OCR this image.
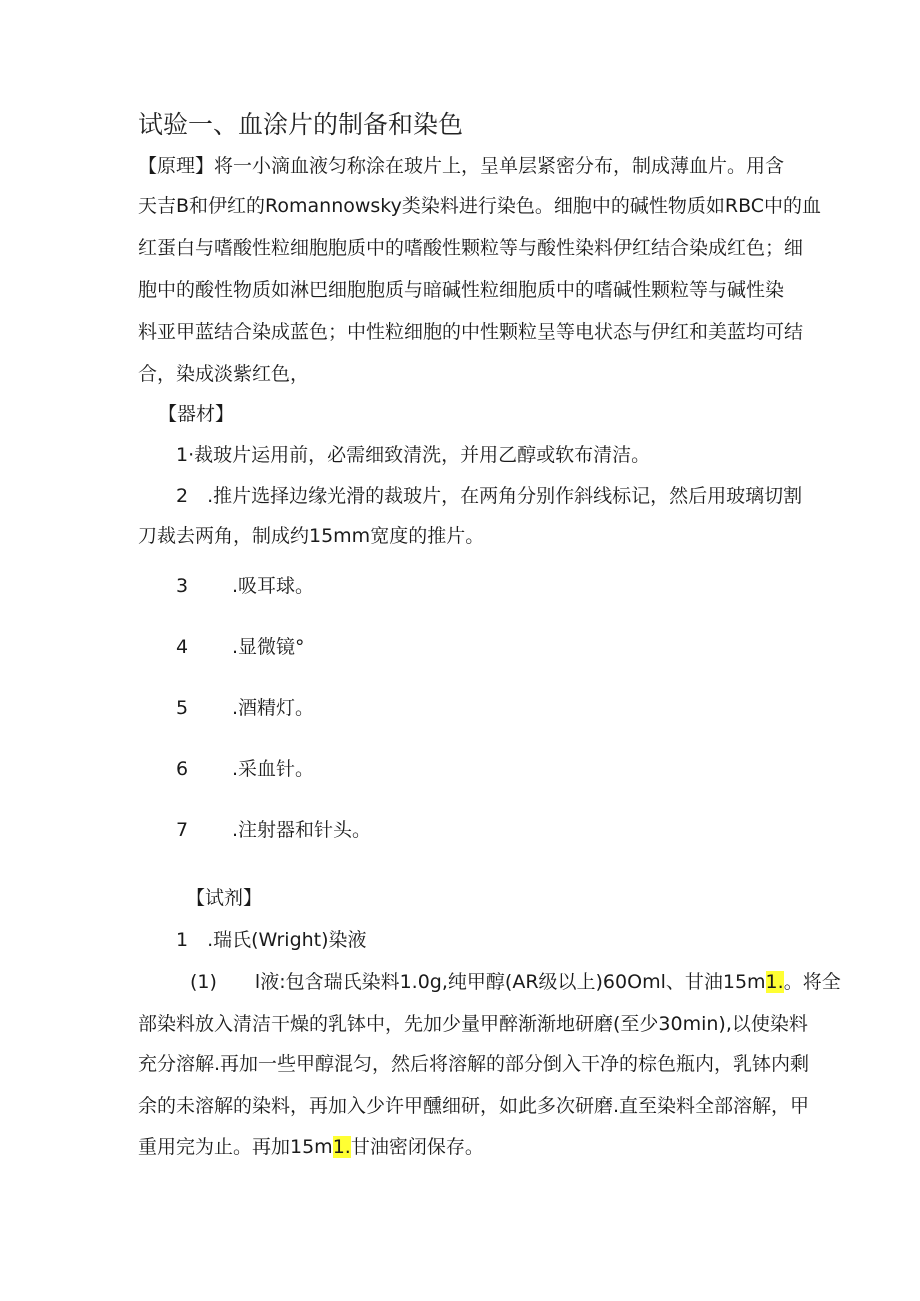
试验一、血涂片的制备和染色
【原理】将一小滴血液匀称涂在玻片上，呈单层紧密分布，制成薄血片。用含
天吉B和伊红的Romannowsky类染料进行染色。细胞中的碱性物质如RBC中的血
红蛋白与嗜酸性粒细胞胞质中的嗜酸性颗粒等与酸性染料伊红结合染成红色；细
胞中的酸性物质如淋巴细胞胞质与暗碱性粒细胞质中的嗜碱性颗粒等与碱性染
料亚甲蓝结合染成蓝色；中性粒细胞的中性颗粒呈等电状态与伊红和美蓝均可结
合，染成淡紫红色，
【器材】
1·裁玻片运用前，必需细致清洗，并用乙醇或软布清洁。
2　.推片选择边缘光滑的裁玻片，在两角分别作斜线标记，然后用玻璃切割
刀裁去两角，制成约15mm宽度的推片。
3 .吸耳球。
4 .显微镜°
5 .酒精灯。
6 .采血针。
7 .注射器和针头。
【试剂】
1　.瑞氏(Wright)染液
(1)　　l液:包含瑞氏染料1.0g,纯甲醇(AR级以上)60Oml、甘油15m1.。将全
部染料放入清洁干燥的乳钵中，先加少量甲醉渐渐地研磨(至少30min),以使染料
充分溶解.再加一些甲醇混匀，然后将溶解的部分倒入干净的棕色瓶内，乳钵内剩
余的未溶解的染料，再加入少许甲醺细研，如此多次研磨.直至染料全部溶解，甲
重用完为止。再加15m1.甘油密闭保存。
